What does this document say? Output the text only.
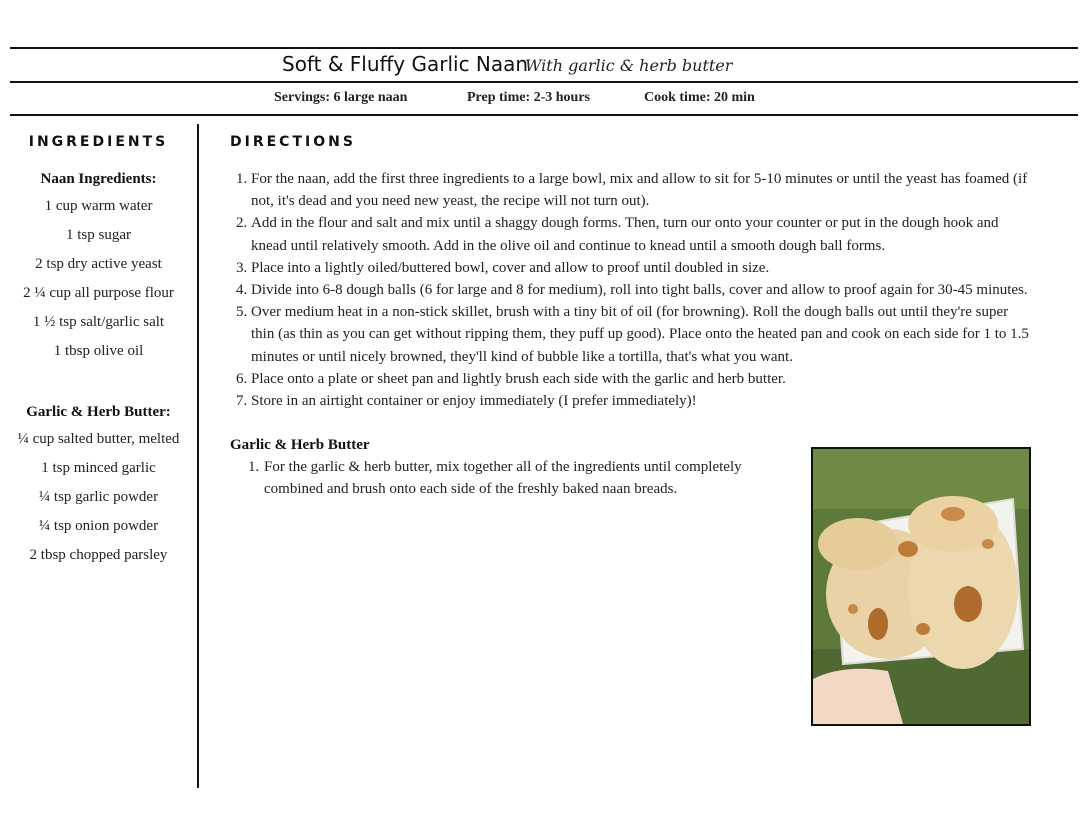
Soft & Fluffy Garlic Naan
With garlic & herb butter
Servings: 6 large naan	Prep time: 2-3 hours	Cook time: 20 min
INGREDIENTS
Naan Ingredients:
1 cup warm water
1 tsp sugar
2 tsp dry active yeast
2 ¼ cup all purpose flour
1 ½ tsp salt/garlic salt
1 tbsp olive oil
Garlic & Herb Butter:
¼ cup salted butter, melted
1 tsp minced garlic
¼ tsp garlic powder
¼ tsp onion powder
2 tbsp chopped parsley
DIRECTIONS
1. For the naan, add the first three ingredients to a large bowl, mix and allow to sit for 5-10 minutes or until the yeast has foamed (if not, it's dead and you need new yeast, the recipe will not turn out).
2. Add in the flour and salt and mix until a shaggy dough forms. Then, turn our onto your counter or put in the dough hook and knead until relatively smooth. Add in the olive oil and continue to knead until a smooth dough ball forms.
3. Place into a lightly oiled/buttered bowl, cover and allow to proof until doubled in size.
4. Divide into 6-8 dough balls (6 for large and 8 for medium), roll into tight balls, cover and allow to proof again for 30-45 minutes.
5. Over medium heat in a non-stick skillet, brush with a tiny bit of oil (for browning). Roll the dough balls out until they're super thin (as thin as you can get without ripping them, they puff up good). Place onto the heated pan and cook on each side for 1 to 1.5 minutes or until nicely browned, they'll kind of bubble like a tortilla, that's what you want.
6. Place onto a plate or sheet pan and lightly brush each side with the garlic and herb butter.
7. Store in an airtight container or enjoy immediately (I prefer immediately)!
Garlic & Herb Butter
1. For the garlic & herb butter, mix together all of the ingredients until completely combined and brush onto each side of the freshly baked naan breads.
